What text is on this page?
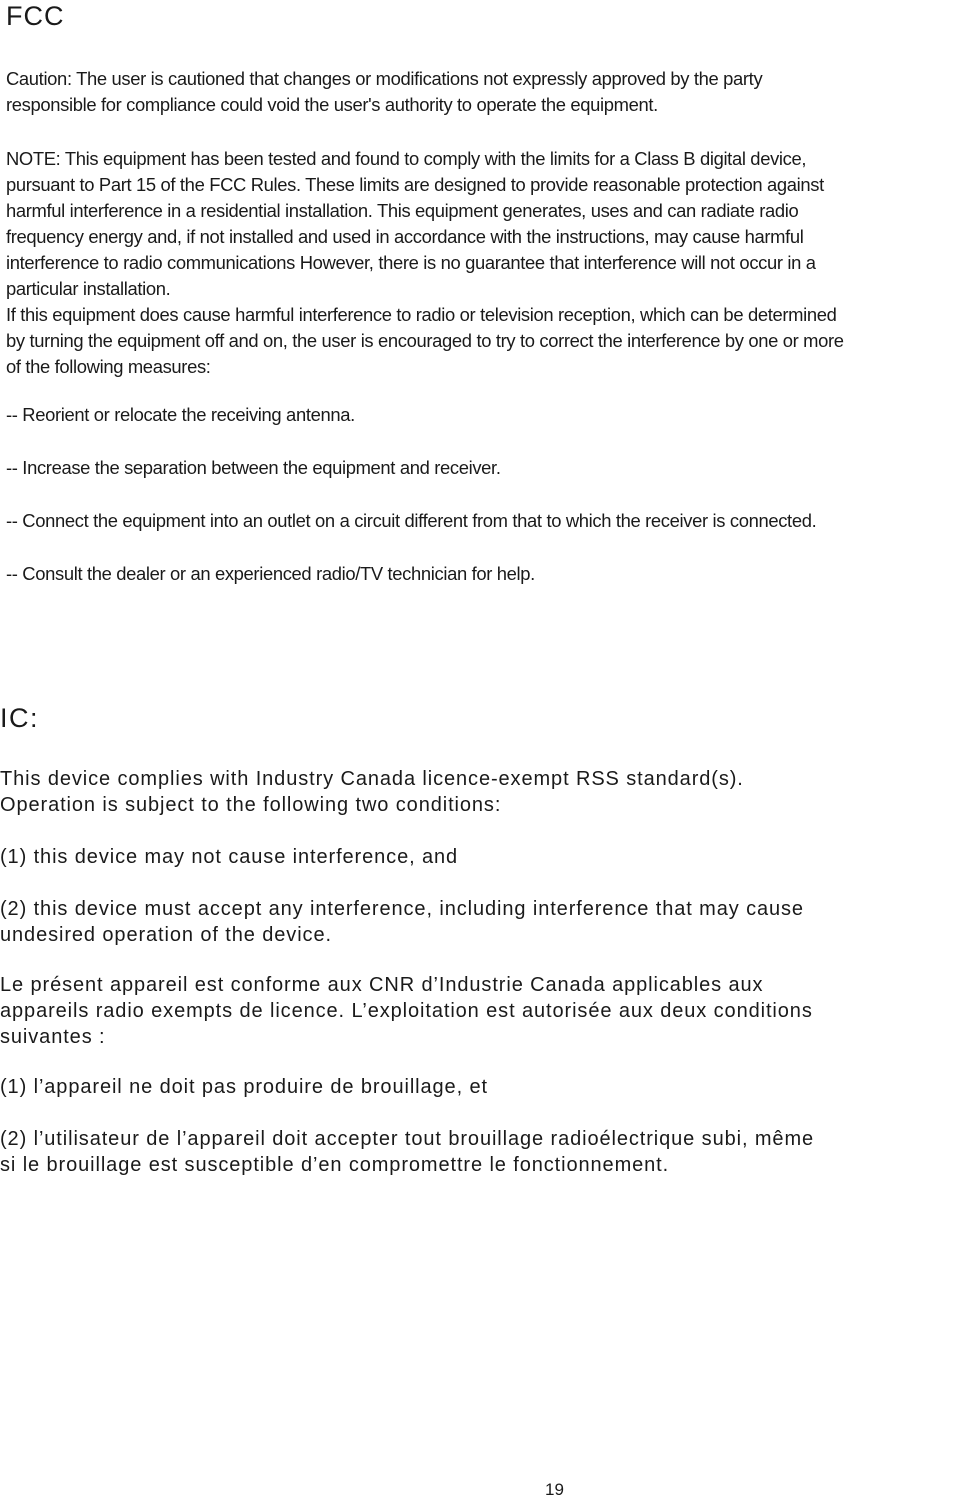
FCC

Caution: The user is cautioned that changes or modifications not expressly approved by the party
responsible for compliance could void the user's authority to operate the equipment.

NOTE: This equipment has been tested and found to comply with the limits for a Class B digital device,
pursuant to Part 15 of the FCC Rules. These limits are designed to provide reasonable protection against
harmful interference in a residential installation. This equipment generates, uses and can radiate radio
frequency energy and, if not installed and used in accordance with the instructions, may cause harmful
interference to radio communications However, there is no guarantee that interference will not occur in a
particular installation.
If this equipment does cause harmful interference to radio or television reception, which can be determined
by turning the equipment off and on, the user is encouraged to try to correct the interference by one or more
of the following measures:

-- Reorient or relocate the receiving antenna.

-- Increase the separation between the equipment and receiver.

-- Connect the equipment into an outlet on a circuit different from that to which the receiver is connected.

-- Consult the dealer or an experienced radio/TV technician for help.

IC:

This device complies with Industry Canada licence-exempt RSS standard(s).
Operation is subject to the following two conditions:

(1) this device may not cause interference, and

(2) this device must accept any interference, including interference that may cause
undesired operation of the device.

Le présent appareil est conforme aux CNR d’Industrie Canada applicables aux
appareils radio exempts de licence. L’exploitation est autorisée aux deux conditions
suivantes :

(1) l’appareil ne doit pas produire de brouillage, et

(2) l’utilisateur de l’appareil doit accepter tout brouillage radioélectrique subi, même
si le brouillage est susceptible d’en compromettre le fonctionnement.

19
